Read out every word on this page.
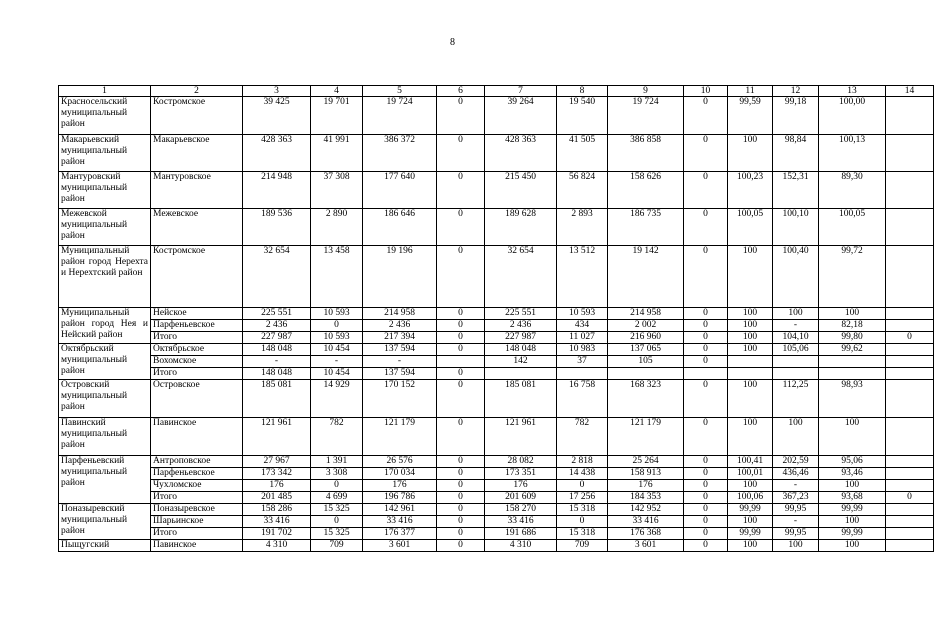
8
1	2	3	4	5	6	7	8	9	10	11	12	13	14
Красносельский муниципальный район	Костромское	39 425	19 701	19 724	0	39 264	19 540	19 724	0	99,59	99,18	100,00	
Макарьевский муниципальный район	Макарьевское	428 363	41 991	386 372	0	428 363	41 505	386 858	0	100	98,84	100,13	
Мантуровский муниципальный район	Мантуровское	214 948	37 308	177 640	0	215 450	56 824	158 626	0	100,23	152,31	89,30	
Межевской муниципальный район	Межевское	189 536	2 890	186 646	0	189 628	2 893	186 735	0	100,05	100,10	100,05	
Муниципальный район город Нерехта и Нерехтский район	Костромское	32 654	13 458	19 196	0	32 654	13 512	19 142	0	100	100,40	99,72	
Муниципальный район город Нея и Нейский район	Нейское	225 551	10 593	214 958	0	225 551	10 593	214 958	0	100	100	100	
	Парфеньевское	2 436	0	2 436	0	2 436	434	2 002	0	100	-	82,18	
	Итого	227 987	10 593	217 394	0	227 987	11 027	216 960	0	100	104,10	99,80	0
Октябрьский муниципальный район	Октябрьское	148 048	10 454	137 594	0	148 048	10 983	137 065	0	100	105,06	99,62	
	Вохомское	-	-	-		142	37	105	0				
	Итого	148 048	10 454	137 594	0								
Островский муниципальный район	Островское	185 081	14 929	170 152	0	185 081	16 758	168 323	0	100	112,25	98,93	
Павинский муниципальный район	Павинское	121 961	782	121 179	0	121 961	782	121 179	0	100	100	100	
Парфеньевский муниципальный район	Антроповское	27 967	1 391	26 576	0	28 082	2 818	25 264	0	100,41	202,59	95,06	
	Парфеньевское	173 342	3 308	170 034	0	173 351	14 438	158 913	0	100,01	436,46	93,46	
	Чухломское	176	0	176	0	176	0	176	0	100	-	100	
	Итого	201 485	4 699	196 786	0	201 609	17 256	184 353	0	100,06	367,23	93,68	0
Поназыревский муниципальный район	Поназыревское	158 286	15 325	142 961	0	158 270	15 318	142 952	0	99,99	99,95	99,99	
	Шарьинское	33 416	0	33 416	0	33 416	0	33 416	0	100	-	100	
	Итого	191 702	15 325	176 377	0	191 686	15 318	176 368	0	99,99	99,95	99,99	
Пыщугский	Павинское	4 310	709	3 601	0	4 310	709	3 601	0	100	100	100	
